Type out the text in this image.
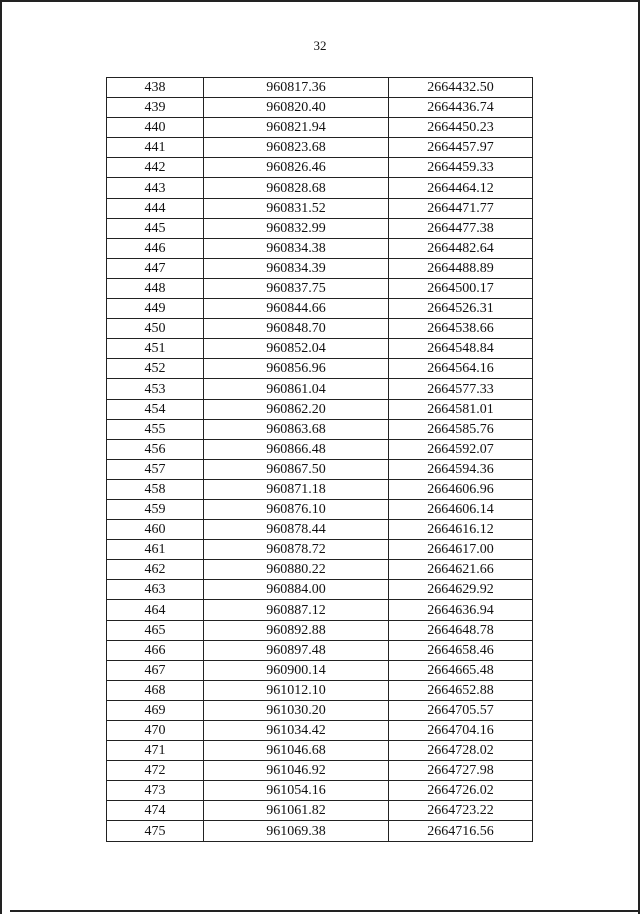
32
438	960817.36	2664432.50
439	960820.40	2664436.74
440	960821.94	2664450.23
441	960823.68	2664457.97
442	960826.46	2664459.33
443	960828.68	2664464.12
444	960831.52	2664471.77
445	960832.99	2664477.38
446	960834.38	2664482.64
447	960834.39	2664488.89
448	960837.75	2664500.17
449	960844.66	2664526.31
450	960848.70	2664538.66
451	960852.04	2664548.84
452	960856.96	2664564.16
453	960861.04	2664577.33
454	960862.20	2664581.01
455	960863.68	2664585.76
456	960866.48	2664592.07
457	960867.50	2664594.36
458	960871.18	2664606.96
459	960876.10	2664606.14
460	960878.44	2664616.12
461	960878.72	2664617.00
462	960880.22	2664621.66
463	960884.00	2664629.92
464	960887.12	2664636.94
465	960892.88	2664648.78
466	960897.48	2664658.46
467	960900.14	2664665.48
468	961012.10	2664652.88
469	961030.20	2664705.57
470	961034.42	2664704.16
471	961046.68	2664728.02
472	961046.92	2664727.98
473	961054.16	2664726.02
474	961061.82	2664723.22
475	961069.38	2664716.56
